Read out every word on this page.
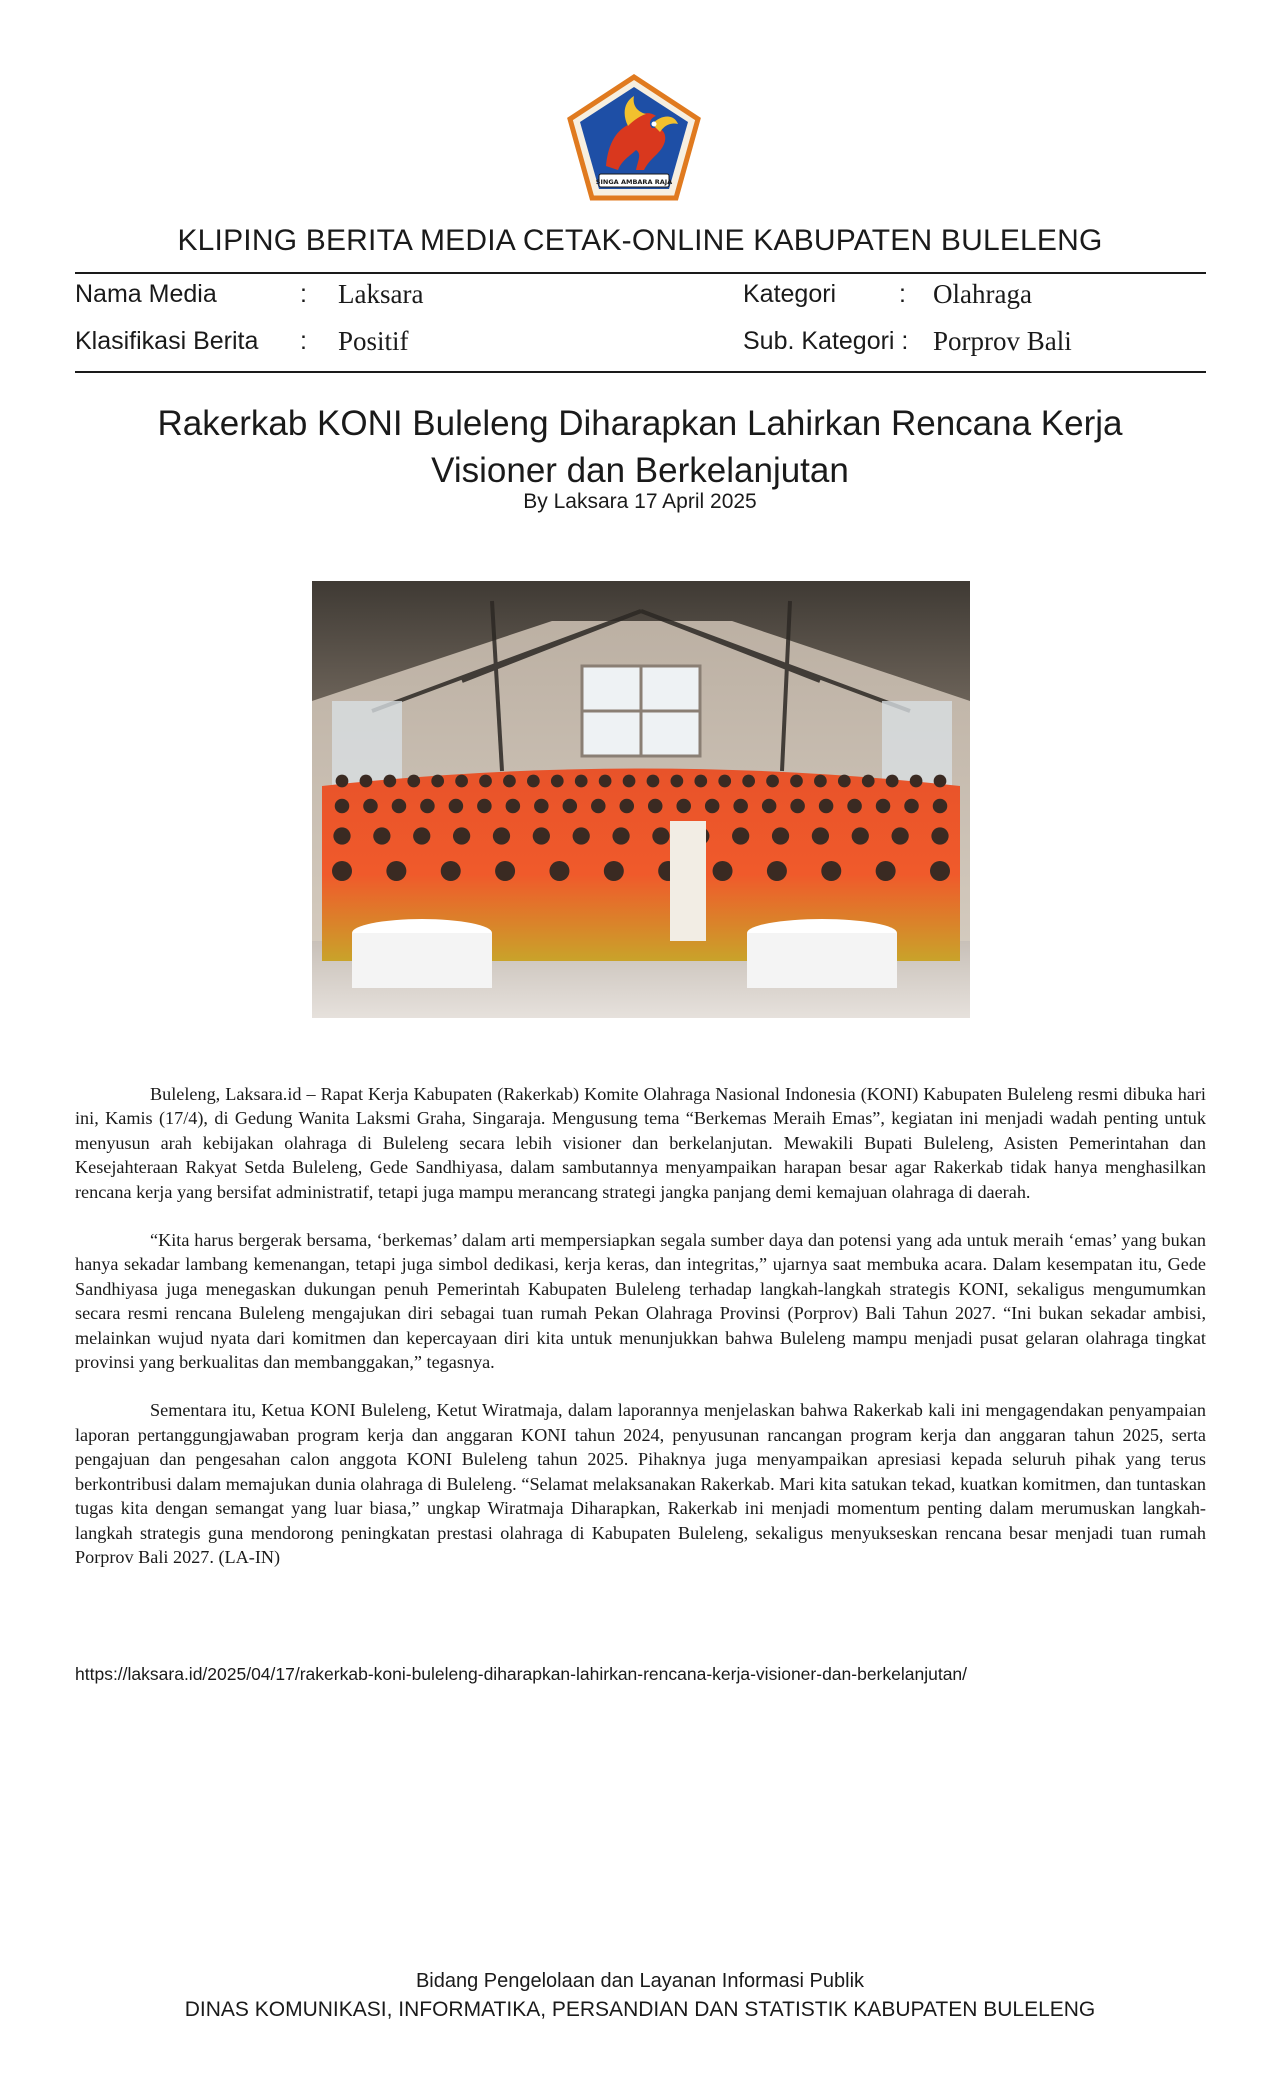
SINGA AMBARA RAJA
KLIPING BERITA MEDIA CETAK-ONLINE KABUPATEN BULELENG
Nama Media	: Laksara	Kategori	: Olahraga
Klasifikasi Berita : Positif	Sub. Kategori : Porprov Bali
Rakerkab KONI Buleleng Diharapkan Lahirkan Rencana Kerja
Visioner dan Berkelanjutan
By Laksara 17 April 2025

Buleleng, Laksara.id – Rapat Kerja Kabupaten (Rakerkab) Komite Olahraga Nasional Indonesia (KONI) Kabupaten Buleleng resmi dibuka hari ini, Kamis (17/4), di Gedung Wanita Laksmi Graha, Singaraja. Mengusung tema “Berkemas Meraih Emas”, kegiatan ini menjadi wadah penting untuk menyusun arah kebijakan olahraga di Buleleng secara lebih visioner dan berkelanjutan. Mewakili Bupati Buleleng, Asisten Pemerintahan dan Kesejahteraan Rakyat Setda Buleleng, Gede Sandhiyasa, dalam sambutannya menyampaikan harapan besar agar Rakerkab tidak hanya menghasilkan rencana kerja yang bersifat administratif, tetapi juga mampu merancang strategi jangka panjang demi kemajuan olahraga di daerah.

“Kita harus bergerak bersama, ‘berkemas’ dalam arti mempersiapkan segala sumber daya dan potensi yang ada untuk meraih ‘emas’ yang bukan hanya sekadar lambang kemenangan, tetapi juga simbol dedikasi, kerja keras, dan integritas,” ujarnya saat membuka acara. Dalam kesempatan itu, Gede Sandhiyasa juga menegaskan dukungan penuh Pemerintah Kabupaten Buleleng terhadap langkah-langkah strategis KONI, sekaligus mengumumkan secara resmi rencana Buleleng mengajukan diri sebagai tuan rumah Pekan Olahraga Provinsi (Porprov) Bali Tahun 2027. “Ini bukan sekadar ambisi, melainkan wujud nyata dari komitmen dan kepercayaan diri kita untuk menunjukkan bahwa Buleleng mampu menjadi pusat gelaran olahraga tingkat provinsi yang berkualitas dan membanggakan,” tegasnya.

Sementara itu, Ketua KONI Buleleng, Ketut Wiratmaja, dalam laporannya menjelaskan bahwa Rakerkab kali ini mengagendakan penyampaian laporan pertanggungjawaban program kerja dan anggaran KONI tahun 2024, penyusunan rancangan program kerja dan anggaran tahun 2025, serta pengajuan dan pengesahan calon anggota KONI Buleleng tahun 2025. Pihaknya juga menyampaikan apresiasi kepada seluruh pihak yang terus berkontribusi dalam memajukan dunia olahraga di Buleleng. “Selamat melaksanakan Rakerkab. Mari kita satukan tekad, kuatkan komitmen, dan tuntaskan tugas kita dengan semangat yang luar biasa,” ungkap Wiratmaja Diharapkan, Rakerkab ini menjadi momentum penting dalam merumuskan langkah-langkah strategis guna mendorong peningkatan prestasi olahraga di Kabupaten Buleleng, sekaligus menyukseskan rencana besar menjadi tuan rumah Porprov Bali 2027. (LA-IN)

https://laksara.id/2025/04/17/rakerkab-koni-buleleng-diharapkan-lahirkan-rencana-kerja-visioner-dan-berkelanjutan/
Bidang Pengelolaan dan Layanan Informasi Publik
DINAS KOMUNIKASI, INFORMATIKA, PERSANDIAN DAN STATISTIK KABUPATEN BULELENG
